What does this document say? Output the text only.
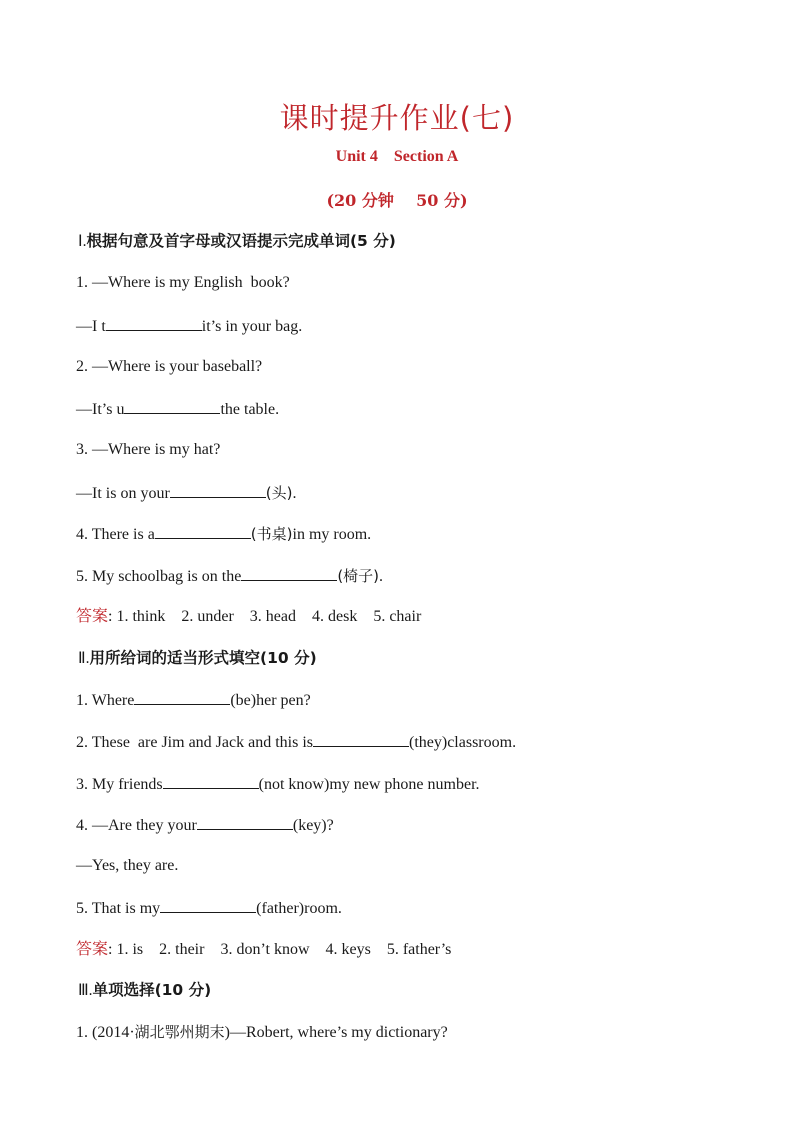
课时提升作业(七)
Unit 4    Section A
(20 分钟    50 分)
Ⅰ.根据句意及首字母或汉语提示完成单词(5 分)
1. —Where is my English  book?
—I t	it’s in your bag.
2. —Where is your baseball?
—It’s u	the table.
3. —Where is my hat?
—It is on your	(头).
4. There is a	(书桌)in my room.
5. My schoolbag is on the	(椅子).
答案: 1. think    2. under    3. head    4. desk    5. chair
Ⅱ.用所给词的适当形式填空(10 分)
1. Where	(be)her pen?
2. These  are Jim and Jack and this is	(they)classroom.
3. My friends	(not know)my new phone number.
4. —Are they your	(key)?
—Yes, they are.
5. That is my	(father)room.
答案: 1. is    2. their    3. don’t know    4. keys    5. father’s
Ⅲ.单项选择(10 分)
1. (2014·湖北鄂州期末)—Robert, where’s my dictionary?
